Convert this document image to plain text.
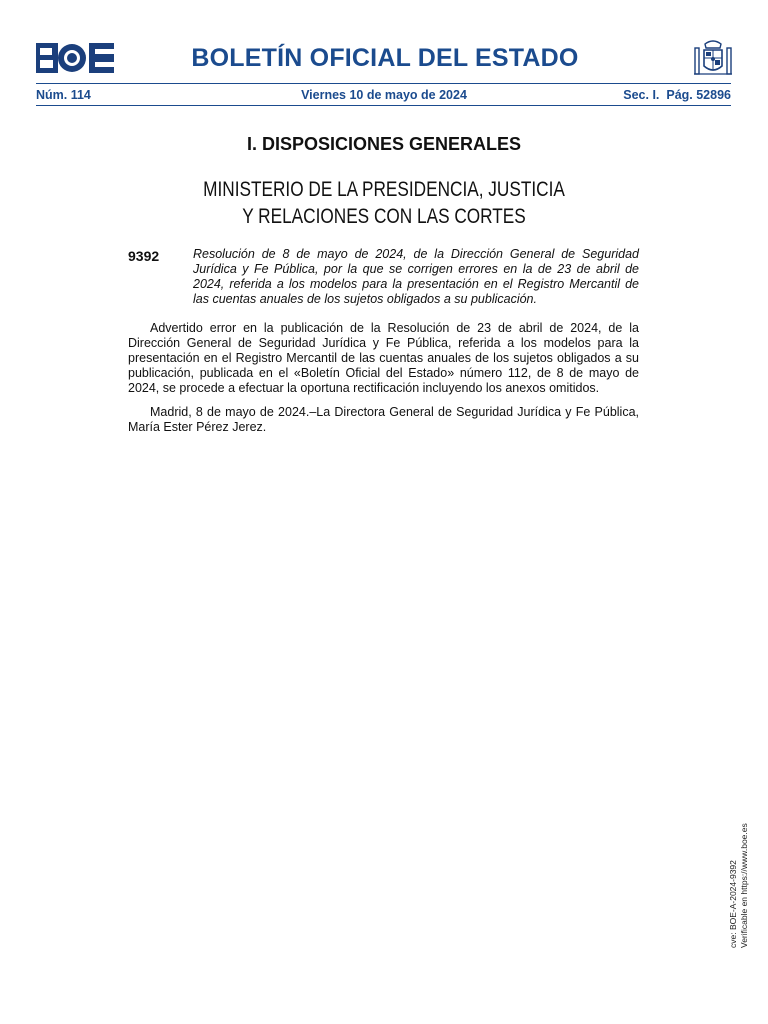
BOLETÍN OFICIAL DEL ESTADO
Núm. 114	Viernes 10 de mayo de 2024	Sec. I. Pág. 52896
I. DISPOSICIONES GENERALES
MINISTERIO DE LA PRESIDENCIA, JUSTICIA
Y RELACIONES CON LAS CORTES
9392	Resolución de 8 de mayo de 2024, de la Dirección General de Seguridad Jurídica y Fe Pública, por la que se corrigen errores en la de 23 de abril de 2024, referida a los modelos para la presentación en el Registro Mercantil de las cuentas anuales de los sujetos obligados a su publicación.
Advertido error en la publicación de la Resolución de 23 de abril de 2024, de la Dirección General de Seguridad Jurídica y Fe Pública, referida a los modelos para la presentación en el Registro Mercantil de las cuentas anuales de los sujetos obligados a su publicación, publicada en el «Boletín Oficial del Estado» número 112, de 8 de mayo de 2024, se procede a efectuar la oportuna rectificación incluyendo los anexos omitidos.
Madrid, 8 de mayo de 2024.–La Directora General de Seguridad Jurídica y Fe Pública, María Ester Pérez Jerez.
cve: BOE-A-2024-9392 Verificable en https://www.boe.es
